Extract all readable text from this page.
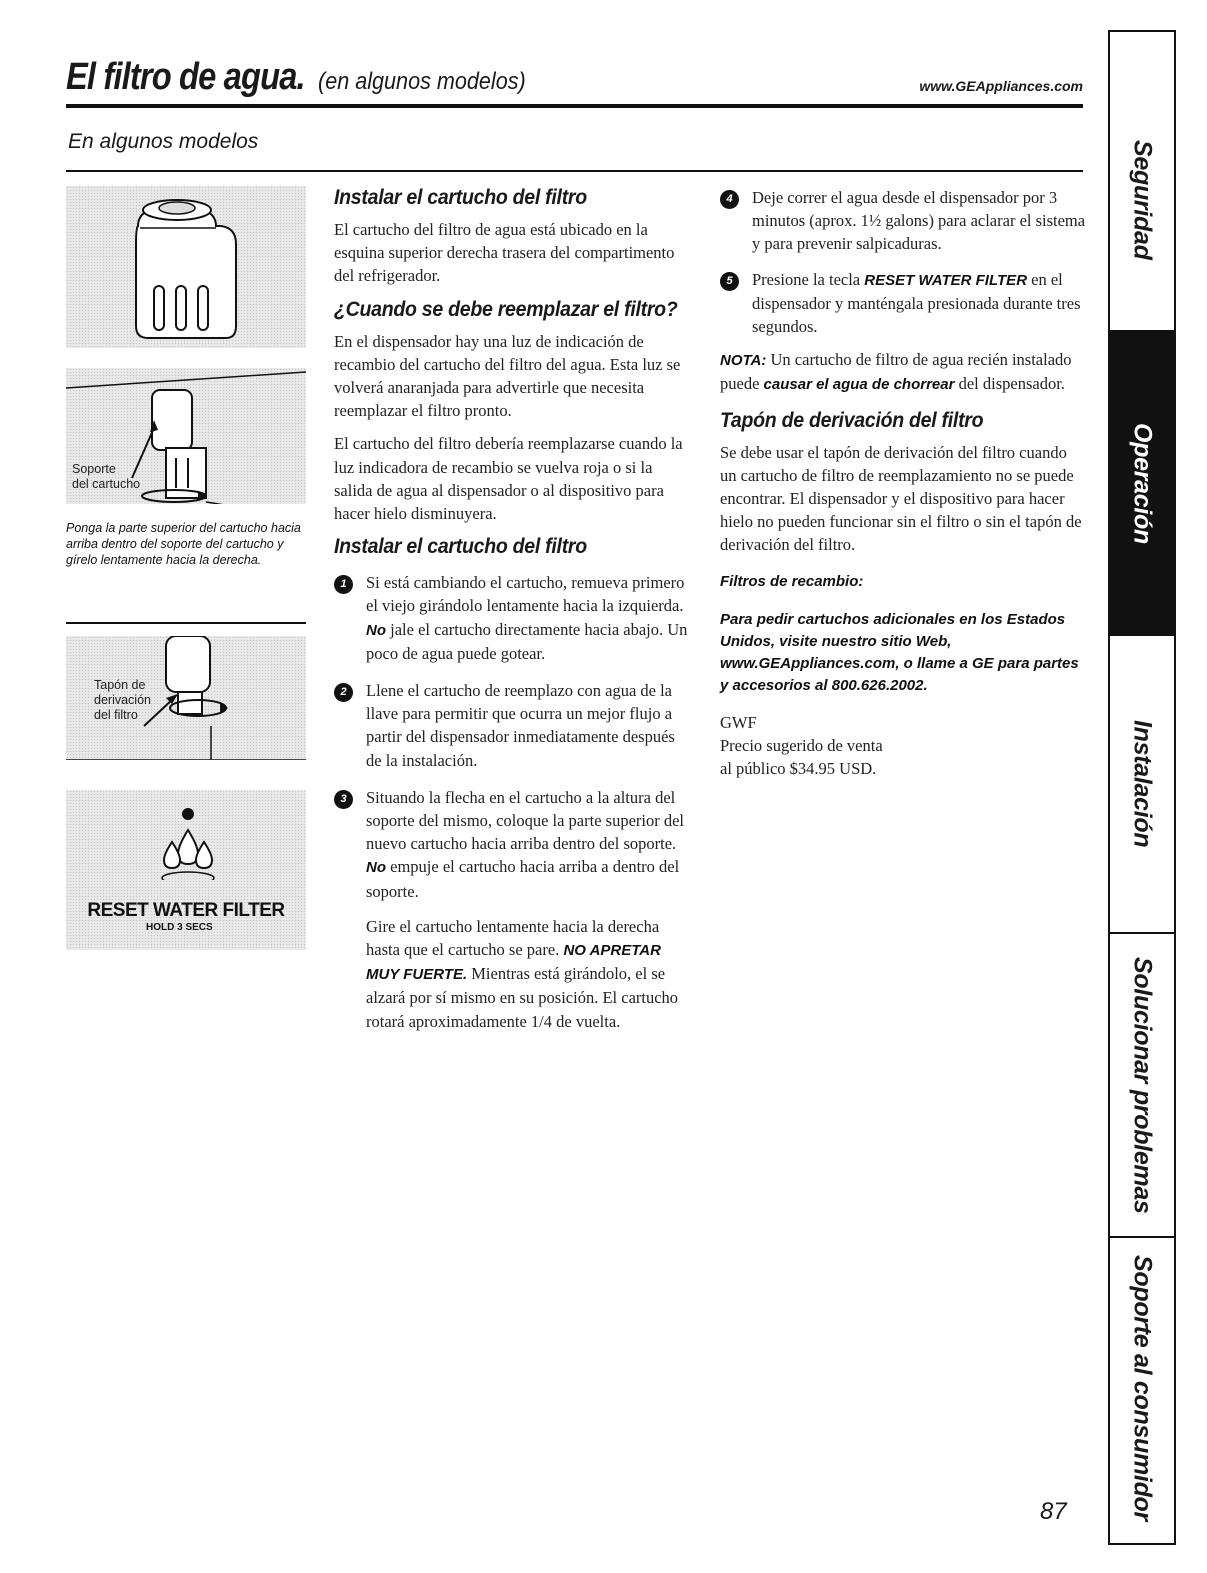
El filtro de agua. (en algunos modelos)	www.GEAppliances.com
En algunos modelos
Soporte
del cartucho
Ponga la parte superior del cartucho hacia arriba dentro del soporte del cartucho y gírelo lentamente hacia la derecha.
Tapón de
derivación
del filtro
RESET WATER FILTER
HOLD 3 SECS
Instalar el cartucho del filtro

El cartucho del filtro de agua está ubicado en la esquina superior derecha trasera del compartimento del refrigerador.

¿Cuando se debe reemplazar el filtro?

En el dispensador hay una luz de indicación de recambio del cartucho del filtro del agua. Esta luz se volverá anaranjada para advertirle que necesita reemplazar el filtro pronto.

El cartucho del filtro debería reemplazarse cuando la luz indicadora de recambio se vuelva roja o si la salida de agua al dispensador o al dispositivo para hacer hielo disminuyera.

Instalar el cartucho del filtro
1	Si está cambiando el cartucho, remueva primero el viejo girándolo lentamente hacia la izquierda. No jale el cartucho directamente hacia abajo. Un poco de agua puede gotear.
2	Llene el cartucho de reemplazo con agua de la llave para permitir que ocurra un mejor flujo a partir del dispensador inmediatamente después de la instalación.
3	Situando la flecha en el cartucho a la altura del soporte del mismo, coloque la parte superior del nuevo cartucho hacia arriba dentro del soporte. No empuje el cartucho hacia arriba a dentro del soporte.
Gire el cartucho lentamente hacia la derecha hasta que el cartucho se pare. NO APRETAR MUY FUERTE. Mientras está girándolo, el se alzará por sí mismo en su posición. El cartucho rotará aproximadamente 1/4 de vuelta.
4	Deje correr el agua desde el dispensador por 3 minutos (aprox. 1½ galons) para aclarar el sistema y para prevenir salpicaduras.
5	Presione la tecla RESET WATER FILTER en el dispensador y manténgala presionada durante tres segundos.
NOTA: Un cartucho de filtro de agua recién instalado puede causar el agua de chorrear del dispensador.
Tapón de derivación del filtro

Se debe usar el tapón de derivación del filtro cuando un cartucho de filtro de reemplazamiento no se puede encontrar. El dispensador y el dispositivo para hacer hielo no pueden funcionar sin el filtro o sin el tapón de derivación del filtro.

Filtros de recambio:
Para pedir cartuchos adicionales en los Estados Unidos, visite nuestro sitio Web, www.GEAppliances.com, o llame a GE para partes y accesorios al 800.626.2002.
GWF
Precio sugerido de venta
al público $34.95 USD.
Seguridad
Operación
Instalación
Solucionar problemas
Soporte al consumidor
87
